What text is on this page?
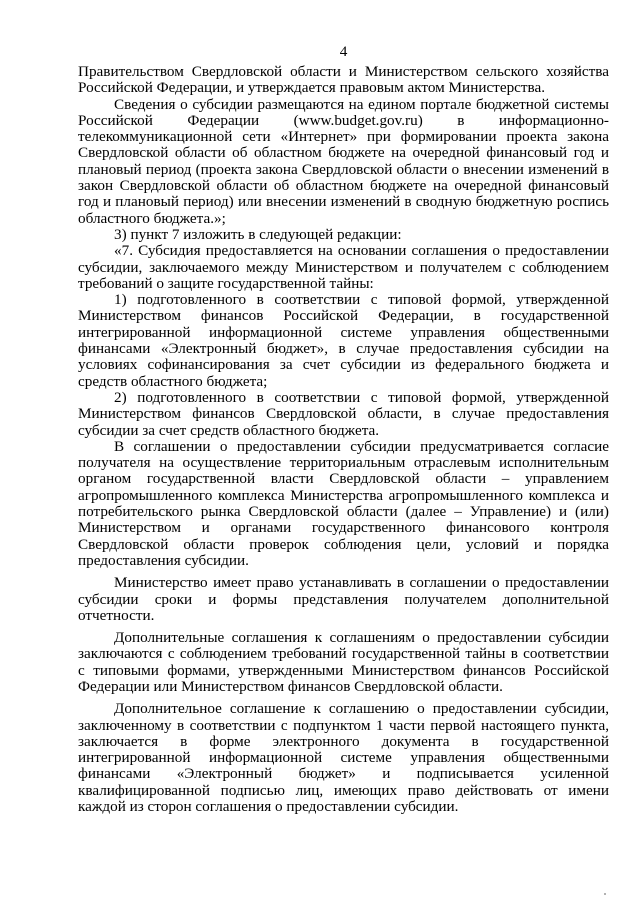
4

Правительством Свердловской области и Министерством сельского хозяйства Российской Федерации, и утверждается правовым актом Министерства.

Сведения о субсидии размещаются на едином портале бюджетной системы Российской Федерации (www.budget.gov.ru) в информационно-телекоммуникационной сети «Интернет» при формировании проекта закона Свердловской области об областном бюджете на очередной финансовый год и плановый период (проекта закона Свердловской области о внесении изменений в закон Свердловской области об областном бюджете на очередной финансовый год и плановый период) или внесении изменений в сводную бюджетную роспись областного бюджета.»;

3) пункт 7 изложить в следующей редакции:

«7. Субсидия предоставляется на основании соглашения о предоставлении субсидии, заключаемого между Министерством и получателем с соблюдением требований о защите государственной тайны:

1) подготовленного в соответствии с типовой формой, утвержденной Министерством финансов Российской Федерации, в государственной интегрированной информационной системе управления общественными финансами «Электронный бюджет», в случае предоставления субсидии на условиях софинансирования за счет субсидии из федерального бюджета и средств областного бюджета;

2) подготовленного в соответствии с типовой формой, утвержденной Министерством финансов Свердловской области, в случае предоставления субсидии за счет средств областного бюджета.

В соглашении о предоставлении субсидии предусматривается согласие получателя на осуществление территориальным отраслевым исполнительным органом государственной власти Свердловской области – управлением агропромышленного комплекса Министерства агропромышленного комплекса и потребительского рынка Свердловской области (далее – Управление) и (или) Министерством и органами государственного финансового контроля Свердловской области проверок соблюдения цели, условий и порядка предоставления субсидии.

Министерство имеет право устанавливать в соглашении о предоставлении субсидии сроки и формы представления получателем дополнительной отчетности.

Дополнительные соглашения к соглашениям о предоставлении субсидии заключаются с соблюдением требований государственной тайны в соответствии с типовыми формами, утвержденными Министерством финансов Российской Федерации или Министерством финансов Свердловской области.

Дополнительное соглашение к соглашению о предоставлении субсидии, заключенному в соответствии с подпунктом 1 части первой настоящего пункта, заключается в форме электронного документа в государственной интегрированной информационной системе управления общественными финансами «Электронный бюджет» и подписывается усиленной квалифицированной подписью лиц, имеющих право действовать от имени каждой из сторон соглашения о предоставлении субсидии.
